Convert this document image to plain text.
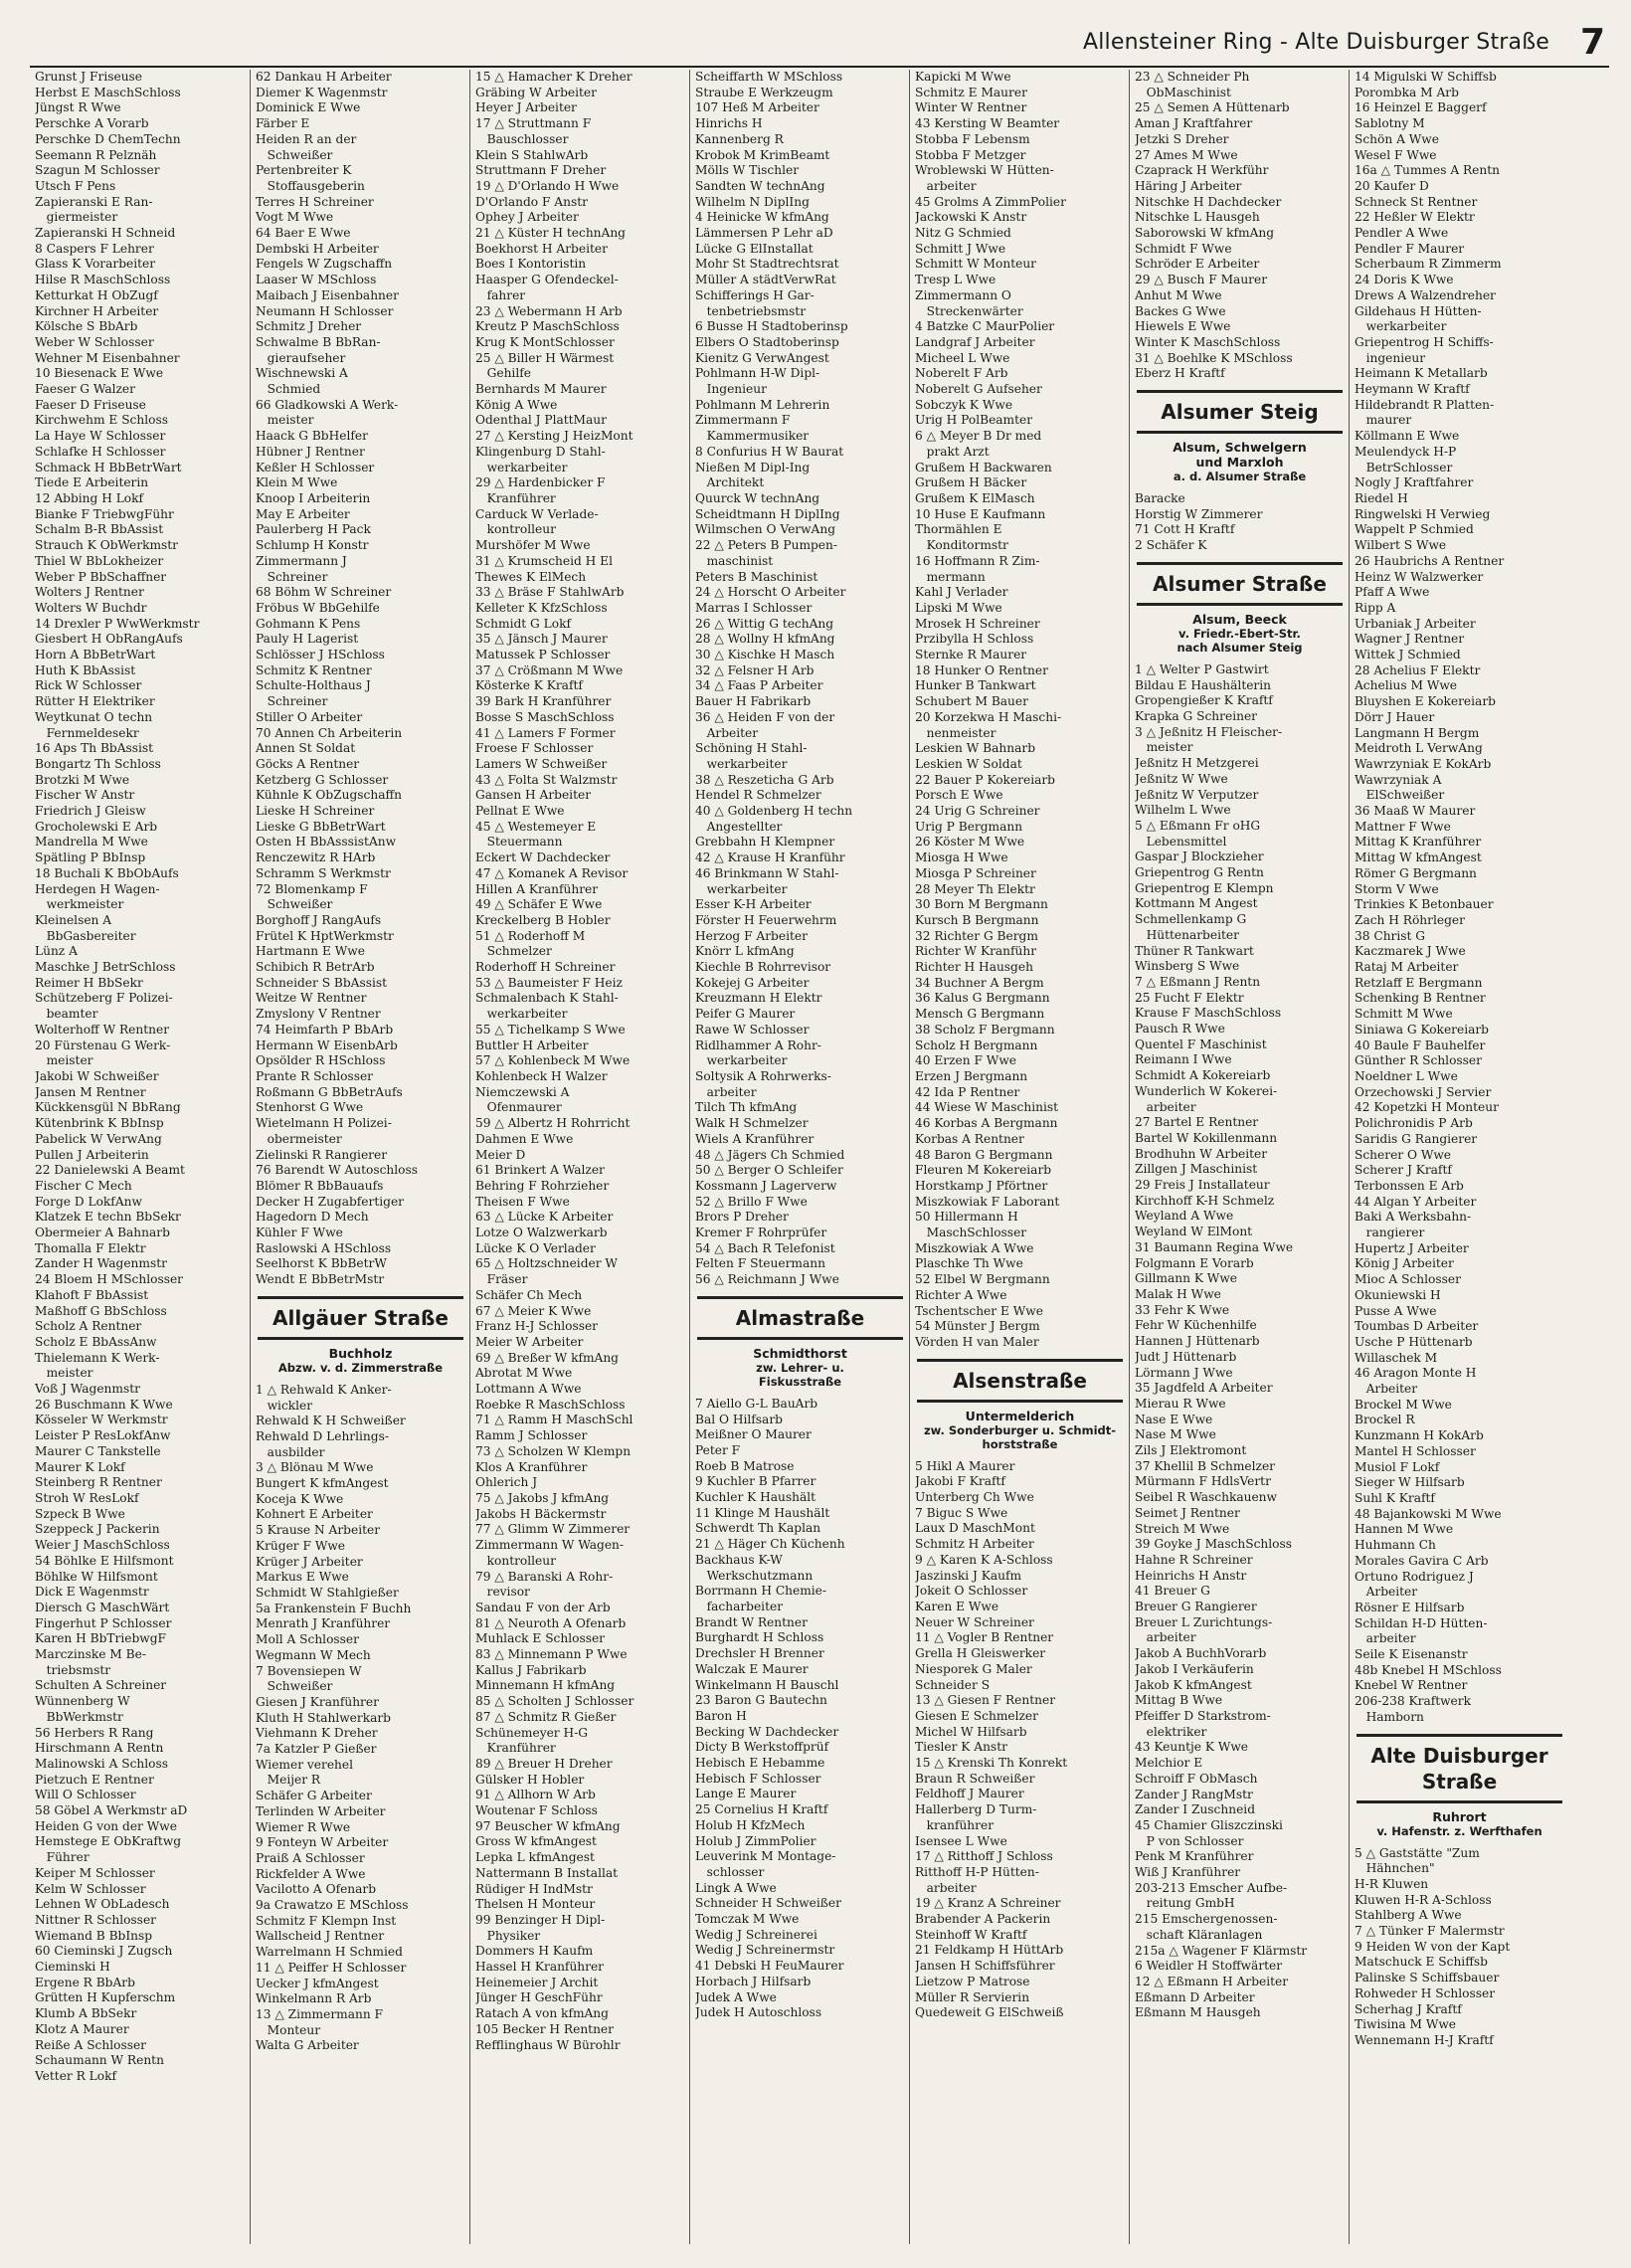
Allensteiner Ring - Alte Duisburger Straße 7
Grunst J Friseuse
Herbst E MaschSchloss
Jüngst R Wwe
Perschke A Vorarb
Perschke D ChemTechn
Seemann R Pelznäh
Szagun M Schlosser
Utsch F Pens
Zapieranski E Ran-
giermeister
Zapieranski H Schneid
8 Caspers F Lehrer
Glass K Vorarbeiter
Hilse R MaschSchloss
Ketturkat H ObZugf
Kirchner H Arbeiter
Kölsche S BbArb
Weber W Schlosser
Wehner M Eisenbahner
10 Biesenack E Wwe
Faeser G Walzer
Faeser D Friseuse
Kirchwehm E Schloss
La Haye W Schlosser
Schlafke H Schlosser
Schmack H BbBetrWart
Tiede E Arbeiterin
12 Abbing H Lokf
Bianke F TriebwgFühr
Schalm B-R BbAssist
Strauch K ObWerkmstr
Thiel W BbLokheizer
Weber P BbSchaffner
Wolters J Rentner
Wolters W Buchdr
14 Drexler P WwWerkmstr
Giesbert H ObRangAufs
Horn A BbBetrWart
Huth K BbAssist
Rick W Schlosser
Rütter H Elektriker
Weytkunat O techn
Fernmeldesekr
16 Aps Th BbAssist
Bongartz Th Schloss
Brotzki M Wwe
Fischer W Anstr
Friedrich J Gleisw
Grocholewski E Arb
Mandrella M Wwe
Spätling P BbInsp
18 Buchali K BbObAufs
Herdegen H Wagen-
werkmeister
Kleinelsen A
BbGasbereiter
Lünz A
Maschke J BetrSchloss
Reimer H BbSekr
Schützeberg F Polizei-
beamter
Wolterhoff W Rentner
20 Fürstenau G Werk-
meister
Jakobi W Schweißer
Jansen M Rentner
Kückkensgül N BbRang
Kütenbrink K BbInsp
Pabelick W VerwAng
Pullen J Arbeiterin
22 Danielewski A Beamt
Fischer C Mech
Forge D LokfAnw
Klatzek E techn BbSekr
Obermeier A Bahnarb
Thomalla F Elektr
Zander H Wagenmstr
24 Bloem H MSchlosser
Klahoft F BbAssist
Maßhoff G BbSchloss
Scholz A Rentner
Scholz E BbAssAnw
Thielemann K Werk-
meister
Voß J Wagenmstr
26 Buschmann K Wwe
Kösseler W Werkmstr
Leister P ResLokfAnw
Maurer C Tankstelle
Maurer K Lokf
Steinberg R Rentner
Stroh W ResLokf
Szpeck B Wwe
Szeppeck J Packerin
Weier J MaschSchloss
54 Böhlke E Hilfsmont
Böhlke W Hilfsmont
Dick E Wagenmstr
Diersch G MaschWärt
Fingerhut P Schlosser
Karen H BbTriebwgF
Marczinske M Be-
triebsmstr
Schulten A Schreiner
Wünnenberg W
BbWerkmstr
56 Herbers R Rang
Hirschmann A Rentn
Malinowski A Schloss
Pietzuch E Rentner
Will O Schlosser
58 Göbel A Werkmstr aD
Heiden G von der Wwe
Hemstege E ObKraftwg
Führer
Keiper M Schlosser
Kelm W Schlosser
Lehnen W ObLadesch
Nittner R Schlosser
Wiemand B BbInsp
60 Cieminski J Zugsch
Cieminski H
Ergene R BbArb
Grütten H Kupferschm
Klumb A BbSekr
Klotz A Maurer
Reiße A Schlosser
Schaumann W Rentn
Vetter R Lokf
62 Dankau H Arbeiter
Diemer K Wagenmstr
Dominick E Wwe
Färber E
Heiden R an der
Schweißer
Pertenbreiter K
Stoffausgeberin
Terres H Schreiner
Vogt M Wwe
64 Baer E Wwe
Dembski H Arbeiter
Fengels W Zugschaffn
Laaser W MSchloss
Maibach J Eisenbahner
Neumann H Schlosser
Schmitz J Dreher
Schwalme B BbRan-
gieraufseher
Wischnewski A
Schmied
66 Gladkowski A Werk-
meister
Haack G BbHelfer
Hübner J Rentner
Keßler H Schlosser
Klein M Wwe
Knoop I Arbeiterin
May E Arbeiter
Paulerberg H Pack
Schlump H Konstr
Zimmermann J
Schreiner
68 Böhm W Schreiner
Fröbus W BbGehilfe
Gohmann K Pens
Pauly H Lagerist
Schlösser J HSchloss
Schmitz K Rentner
Schulte-Holthaus J
Schreiner
Stiller O Arbeiter
70 Annen Ch Arbeiterin
Annen St Soldat
Göcks A Rentner
Ketzberg G Schlosser
Kühnle K ObZugschaffn
Lieske H Schreiner
Lieske G BbBetrWart
Osten H BbAsssistAnw
Renczewitz R HArb
Schramm S Werkmstr
72 Blomenkamp F
Schweißer
Borghoff J RangAufs
Frütel K HptWerkmstr
Hartmann E Wwe
Schibich R BetrArb
Schneider S BbAssist
Weitze W Rentner
Zmyslony V Rentner
74 Heimfarth P BbArb
Hermann W EisenbArb
Opsölder R HSchloss
Prante R Schlosser
Roßmann G BbBetrAufs
Stenhorst G Wwe
Wietelmann H Polizei-
obermeister
Zielinski R Rangierer
76 Barendt W Autoschloss
Blömer R BbBauaufs
Decker H Zugabfertiger
Hagedorn D Mech
Kühler F Wwe
Raslowski A HSchloss
Seelhorst K BbBetrW
Wendt E BbBetrMstr
Allgäuer Straße
Buchholz
Abzw. v. d. Zimmerstraße
1 △ Rehwald K Anker-
wickler
Rehwald K H Schweißer
Rehwald D Lehrlings-
ausbilder
3 △ Blönau M Wwe
Bungert K kfmAngest
Koceja K Wwe
Kohnert E Arbeiter
5 Krause N Arbeiter
Krüger F Wwe
Krüger J Arbeiter
Markus E Wwe
Schmidt W Stahlgießer
5a Frankenstein F Buchh
Menrath J Kranführer
Moll A Schlosser
Wegmann W Mech
7 Bovensiepen W
Schweißer
Giesen J Kranführer
Kluth H Stahlwerkarb
Viehmann K Dreher
7a Katzler P Gießer
Wiemer verehel
Meijer R
Schäfer G Arbeiter
Terlinden W Arbeiter
Wiemer R Wwe
9 Fonteyn W Arbeiter
Praiß A Schlosser
Rickfelder A Wwe
Vacilotto A Ofenarb
9a Crawatzo E MSchloss
Schmitz F Klempn Inst
Wallscheid J Rentner
Warrelmann H Schmied
11 △ Peiffer H Schlosser
Uecker J kfmAngest
Winkelmann R Arb
13 △ Zimmermann F
Monteur
Walta G Arbeiter
15 △ Hamacher K Dreher
Gräbing W Arbeiter
Heyer J Arbeiter
17 △ Struttmann F
Bauschlosser
Klein S StahlwArb
Struttmann F Dreher
19 △ D'Orlando H Wwe
D'Orlando F Anstr
Ophey J Arbeiter
21 △ Küster H technAng
Boekhorst H Arbeiter
Boes I Kontoristin
Haasper G Ofendeckel-
fahrer
23 △ Webermann H Arb
Kreutz P MaschSchloss
Krug K MontSchlosser
25 △ Biller H Wärmest
Gehilfe
Bernhards M Maurer
König A Wwe
Odenthal J PlattMaur
27 △ Kersting J HeizMont
Klingenburg D Stahl-
werkarbeiter
29 △ Hardenbicker F
Kranführer
Carduck W Verlade-
kontrolleur
Murshöfer M Wwe
31 △ Krumscheid H El
Thewes K ElMech
33 △ Bräse F StahlwArb
Kelleter K KfzSchloss
Schmidt G Lokf
35 △ Jänsch J Maurer
Matussek P Schlosser
37 △ Crößmann M Wwe
Kösterke K Kraftf
39 Bark H Kranführer
Bosse S MaschSchloss
41 △ Lamers F Former
Froese F Schlosser
Lamers W Schweißer
43 △ Folta St Walzmstr
Gansen H Arbeiter
Pellnat E Wwe
45 △ Westemeyer E
Steuermann
Eckert W Dachdecker
47 △ Komanek A Revisor
Hillen A Kranführer
49 △ Schäfer E Wwe
Kreckelberg B Hobler
51 △ Roderhoff M
Schmelzer
Roderhoff H Schreiner
53 △ Baumeister F Heiz
Schmalenbach K Stahl-
werkarbeiter
55 △ Tichelkamp S Wwe
Buttler H Arbeiter
57 △ Kohlenbeck M Wwe
Kohlenbeck H Walzer
Niemczewski A
Ofenmaurer
59 △ Albertz H Rohrricht
Dahmen E Wwe
Meier D
61 Brinkert A Walzer
Behring F Rohrzieher
Theisen F Wwe
63 △ Lücke K Arbeiter
Lotze O Walzwerkarb
Lücke K O Verlader
65 △ Holtzschneider W
Fräser
Schäfer Ch Mech
67 △ Meier K Wwe
Franz H-J Schlosser
Meier W Arbeiter
69 △ Breßer W kfmAng
Abrotat M Wwe
Lottmann A Wwe
Roebke R MaschSchloss
71 △ Ramm H MaschSchl
Ramm J Schlosser
73 △ Scholzen W Klempn
Klos A Kranführer
Ohlerich J
75 △ Jakobs J kfmAng
Jakobs H Bäckermstr
77 △ Glimm W Zimmerer
Zimmermann W Wagen-
kontrolleur
79 △ Baranski A Rohr-
revisor
Sandau F von der Arb
81 △ Neuroth A Ofenarb
Muhlack E Schlosser
83 △ Minnemann P Wwe
Kallus J Fabrikarb
Minnemann H kfmAng
85 △ Scholten J Schlosser
87 △ Schmitz R Gießer
Schünemeyer H-G
Kranführer
89 △ Breuer H Dreher
Gülsker H Hobler
91 △ Allhorn W Arb
Woutenar F Schloss
97 Beuscher W kfmAng
Gross W kfmAngest
Lepka L kfmAngest
Nattermann B Installat
Rüdiger H IndMstr
Thelsen H Monteur
99 Benzinger H Dipl-
Physiker
Dommers H Kaufm
Hassel H Kranführer
Heinemeier J Archit
Jünger H GeschFühr
Ratach A von kfmAng
105 Becker H Rentner
Refflinghaus W Bürohlr
Scheiffarth W MSchloss
Straube E Werkzeugm
107 Heß M Arbeiter
Hinrichs H
Kannenberg R
Krobok M KrimBeamt
Mölls W Tischler
Sandten W technAng
Wilhelm N DiplIng
4 Heinicke W kfmAng
Lämmersen P Lehr aD
Lücke G ElInstallat
Mohr St Stadtrechtsrat
Müller A städtVerwRat
Schifferings H Gar-
tenbetriebsmstr
6 Busse H Stadtoberinsp
Elbers O Stadtoberinsp
Kienitz G VerwAngest
Pohlmann H-W Dipl-
Ingenieur
Pohlmann M Lehrerin
Zimmermann F
Kammermusiker
8 Confurius H W Baurat
Nießen M Dipl-Ing
Architekt
Quurck W technAng
Scheidtmann H DiplIng
Wilmschen O VerwAng
22 △ Peters B Pumpen-
maschinist
Peters B Maschinist
24 △ Horscht O Arbeiter
Marras I Schlosser
26 △ Wittig G techAng
28 △ Wollny H kfmAng
30 △ Kischke H Masch
32 △ Felsner H Arb
34 △ Faas P Arbeiter
Bauer H Fabrikarb
36 △ Heiden F von der
Arbeiter
Schöning H Stahl-
werkarbeiter
38 △ Reszeticha G Arb
Hendel R Schmelzer
40 △ Goldenberg H techn
Angestellter
Grebbahn H Klempner
42 △ Krause H Kranführ
46 Brinkmann W Stahl-
werkarbeiter
Esser K-H Arbeiter
Förster H Feuerwehrm
Herzog F Arbeiter
Knörr L kfmAng
Kiechle B Rohrrevisor
Kokejej G Arbeiter
Kreuzmann H Elektr
Peifer G Maurer
Rawe W Schlosser
Ridlhammer A Rohr-
werkarbeiter
Soltysik A Rohrwerks-
arbeiter
Tilch Th kfmAng
Walk H Schmelzer
Wiels A Kranführer
48 △ Jägers Ch Schmied
50 △ Berger O Schleifer
Kossmann J Lagerverw
52 △ Brillo F Wwe
Brors P Dreher
Kremer F Rohrprüfer
54 △ Bach R Telefonist
Felten F Steuermann
56 △ Reichmann J Wwe
Almastraße
Schmidthorst
zw. Lehrer- u.
Fiskusstraße
7 Aiello G-L BauArb
Bal O Hilfsarb
Meißner O Maurer
Peter F
Roeb B Matrose
9 Kuchler B Pfarrer
Kuchler K Haushält
11 Klinge M Haushält
Schwerdt Th Kaplan
21 △ Häger Ch Küchenh
Backhaus K-W
Werkschutzmann
Borrmann H Chemie-
facharbeiter
Brandt W Rentner
Burghardt H Schloss
Drechsler H Brenner
Walczak E Maurer
Winkelmann H Bauschl
23 Baron G Bautechn
Baron H
Becking W Dachdecker
Dicty B Werkstoffprüf
Hebisch E Hebamme
Hebisch F Schlosser
Lange E Maurer
25 Cornelius H Kraftf
Holub H KfzMech
Holub J ZimmPolier
Leuverink M Montage-
schlosser
Lingk A Wwe
Schneider H Schweißer
Tomczak M Wwe
Wedig J Schreinerei
Wedig J Schreinermstr
41 Debski H FeuMaurer
Horbach J Hilfsarb
Judek A Wwe
Judek H Autoschloss
Kapicki M Wwe
Schmitz E Maurer
Winter W Rentner
43 Kersting W Beamter
Stobba F Lebensm
Stobba F Metzger
Wroblewski W Hütten-
arbeiter
45 Grolms A ZimmPolier
Jackowski K Anstr
Nitz G Schmied
Schmitt J Wwe
Schmitt W Monteur
Tresp L Wwe
Zimmermann O
Streckenwärter
4 Batzke C MaurPolier
Landgraf J Arbeiter
Micheel L Wwe
Noberelt F Arb
Noberelt G Aufseher
Sobczyk K Wwe
Urig H PolBeamter
6 △ Meyer B Dr med
prakt Arzt
Grußem H Backwaren
Grußem H Bäcker
Grußem K ElMasch
10 Huse E Kaufmann
Thormählen E
Konditormstr
16 Hoffmann R Zim-
mermann
Kahl J Verlader
Lipski M Wwe
Mrosek H Schreiner
Przibylla H Schloss
Sternke R Maurer
18 Hunker O Rentner
Hunker B Tankwart
Schubert M Bauer
20 Korzekwa H Maschi-
nenmeister
Leskien W Bahnarb
Leskien W Soldat
22 Bauer P Kokereiarb
Porsch E Wwe
24 Urig G Schreiner
Urig P Bergmann
26 Köster M Wwe
Miosga H Wwe
Miosga P Schreiner
28 Meyer Th Elektr
30 Born M Bergmann
Kursch B Bergmann
32 Richter G Bergm
Richter W Kranführ
Richter H Hausgeh
34 Buchner A Bergm
36 Kalus G Bergmann
Mensch G Bergmann
38 Scholz F Bergmann
Scholz H Bergmann
40 Erzen F Wwe
Erzen J Bergmann
42 Ida P Rentner
44 Wiese W Maschinist
46 Korbas A Bergmann
Korbas A Rentner
48 Baron G Bergmann
Fleuren M Kokereiarb
Horstkamp J Pförtner
Miszkowiak F Laborant
50 Hillermann H
MaschSchlosser
Miszkowiak A Wwe
Plaschke Th Wwe
52 Elbel W Bergmann
Richter A Wwe
Tschentscher E Wwe
54 Münster J Bergm
Vörden H van Maler
Alsenstraße
Untermelderich
zw. Sonderburger u. Schmidt-
horststraße
5 Hikl A Maurer
Jakobi F Kraftf
Unterberg Ch Wwe
7 Biguc S Wwe
Laux D MaschMont
Schmitz H Arbeiter
9 △ Karen K A-Schloss
Jaszinski J Kaufm
Jokeit O Schlosser
Karen E Wwe
Neuer W Schreiner
11 △ Vogler B Rentner
Grella H Gleiswerker
Niesporek G Maler
Schneider S
13 △ Giesen F Rentner
Giesen E Schmelzer
Michel W Hilfsarb
Tiesler K Anstr
15 △ Krenski Th Konrekt
Braun R Schweißer
Feldhoff J Maurer
Hallerberg D Turm-
kranführer
Isensee L Wwe
17 △ Ritthoff J Schloss
Ritthoff H-P Hütten-
arbeiter
19 △ Kranz A Schreiner
Brabender A Packerin
Steinhoff W Kraftf
21 Feldkamp H HüttArb
Jansen H Schiffsführer
Lietzow P Matrose
Müller R Servierin
Quedeweit G ElSchweiß
23 △ Schneider Ph
ObMaschinist
25 △ Semen A Hüttenarb
Aman J Kraftfahrer
Jetzki S Dreher
27 Ames M Wwe
Czaprack H Werkführ
Häring J Arbeiter
Nitschke H Dachdecker
Nitschke L Hausgeh
Saborowski W kfmAng
Schmidt F Wwe
Schröder E Arbeiter
29 △ Busch F Maurer
Anhut M Wwe
Backes G Wwe
Hiewels E Wwe
Winter K MaschSchloss
31 △ Boehlke K MSchloss
Eberz H Kraftf
Alsumer Steig
Alsum, Schwelgern
und Marxloh
a. d. Alsumer Straße
Baracke
Horstig W Zimmerer
71 Cott H Kraftf
2 Schäfer K
Alsumer Straße
Alsum, Beeck
v. Friedr.-Ebert-Str.
nach Alsumer Steig
1 △ Welter P Gastwirt
Bildau E Haushälterin
Gropengießer K Kraftf
Krapka G Schreiner
3 △ Jeßnitz H Fleischer-
meister
Jeßnitz H Metzgerei
Jeßnitz W Wwe
Jeßnitz W Verputzer
Wilhelm L Wwe
5 △ Eßmann Fr oHG
Lebensmittel
Gaspar J Blockzieher
Griepentrog G Rentn
Griepentrog E Klempn
Kottmann M Angest
Schmellenkamp G
Hüttenarbeiter
Thüner R Tankwart
Winsberg S Wwe
7 △ Eßmann J Rentn
25 Fucht F Elektr
Krause F MaschSchloss
Pausch R Wwe
Quentel F Maschinist
Reimann I Wwe
Schmidt A Kokereiarb
Wunderlich W Kokerei-
arbeiter
27 Bartel E Rentner
Bartel W Kokillenmann
Brodhuhn W Arbeiter
Zillgen J Maschinist
29 Freis J Installateur
Kirchhoff K-H Schmelz
Weyland A Wwe
Weyland W ElMont
31 Baumann Regina Wwe
Folgmann E Vorarb
Gillmann K Wwe
Malak H Wwe
33 Fehr K Wwe
Fehr W Küchenhilfe
Hannen J Hüttenarb
Judt J Hüttenarb
Lörmann J Wwe
35 Jagdfeld A Arbeiter
Mierau R Wwe
Nase E Wwe
Nase M Wwe
Zils J Elektromont
37 Khellil B Schmelzer
Mürmann F HdlsVertr
Seibel R Waschkauenw
Seimet J Rentner
Streich M Wwe
39 Goyke J MaschSchloss
Hahne R Schreiner
Heinrichs H Anstr
41 Breuer G
Breuer G Rangierer
Breuer L Zurichtungs-
arbeiter
Jakob A BuchhVorarb
Jakob I Verkäuferin
Jakob K kfmAngest
Mittag B Wwe
Pfeiffer D Starkstrom-
elektriker
43 Keuntje K Wwe
Melchior E
Schroiff F ObMasch
Zander J RangMstr
Zander I Zuschneid
45 Chamier Gliszczinski
P von Schlosser
Penk M Kranführer
Wiß J Kranführer
203-213 Emscher Aufbe-
reitung GmbH
215 Emschergenossen-
schaft Kläranlagen
215a △ Wagener F Klärmstr
6 Weidler H Stoffwärter
12 △ Eßmann H Arbeiter
Eßmann D Arbeiter
Eßmann M Hausgeh
14 Migulski W Schiffsb
Porombka M Arb
16 Heinzel E Baggerf
Sablotny M
Schön A Wwe
Wesel F Wwe
16a △ Tummes A Rentn
20 Kaufer D
Schneck St Rentner
22 Heßler W Elektr
Pendler A Wwe
Pendler F Maurer
Scherbaum R Zimmerm
24 Doris K Wwe
Drews A Walzendreher
Gildehaus H Hütten-
werkarbeiter
Griepentrog H Schiffs-
ingenieur
Heimann K Metallarb
Heymann W Kraftf
Hildebrandt R Platten-
maurer
Köllmann E Wwe
Meulendyck H-P
BetrSchlosser
Nogly J Kraftfahrer
Riedel H
Ringwelski H Verwieg
Wappelt P Schmied
Wilbert S Wwe
26 Haubrichs A Rentner
Heinz W Walzwerker
Pfaff A Wwe
Ripp A
Urbaniak J Arbeiter
Wagner J Rentner
Wittek J Schmied
28 Achelius F Elektr
Achelius M Wwe
Bluyshen E Kokereiarb
Dörr J Hauer
Langmann H Bergm
Meidroth L VerwAng
Wawrzyniak E KokArb
Wawrzyniak A
ElSchweißer
36 Maaß W Maurer
Mattner F Wwe
Mittag K Kranführer
Mittag W kfmAngest
Römer G Bergmann
Storm V Wwe
Trinkies K Betonbauer
Zach H Röhrleger
38 Christ G
Kaczmarek J Wwe
Rataj M Arbeiter
Retzlaff E Bergmann
Schenking B Rentner
Schmitt M Wwe
Siniawa G Kokereiarb
40 Baule F Bauhelfer
Günther R Schlosser
Noeldner L Wwe
Orzechowski J Servier
42 Kopetzki H Monteur
Polichronidis P Arb
Saridis G Rangierer
Scherer O Wwe
Scherer J Kraftf
Terbonssen E Arb
44 Algan Y Arbeiter
Baki A Werksbahn-
rangierer
Hupertz J Arbeiter
König J Arbeiter
Mioc A Schlosser
Okuniewski H
Pusse A Wwe
Toumbas D Arbeiter
Usche P Hüttenarb
Willaschek M
46 Aragon Monte H
Arbeiter
Brockel M Wwe
Brockel R
Kunzmann H KokArb
Mantel H Schlosser
Musiol F Lokf
Sieger W Hilfsarb
Suhl K Kraftf
48 Bajankowski M Wwe
Hannen M Wwe
Huhmann Ch
Morales Gavira C Arb
Ortuno Rodriguez J
Arbeiter
Rösner E Hilfsarb
Schildan H-D Hütten-
arbeiter
Seile K Eisenanstr
48b Knebel H MSchloss
Knebel W Rentner
206-238 Kraftwerk
Hamborn
Alte Duisburger Straße
Ruhrort
v. Hafenstr. z. Werfthafen
5 △ Gaststätte "Zum
Hähnchen"
H-R Kluwen
Kluwen H-R A-Schloss
Stahlberg A Wwe
7 △ Tünker F Malermstr
9 Heiden W von der Kapt
Matschuck E Schiffsb
Palinske S Schiffsbauer
Rohweder H Schlosser
Scherhag J Kraftf
Tiwisina M Wwe
Wennemann H-J Kraftf
